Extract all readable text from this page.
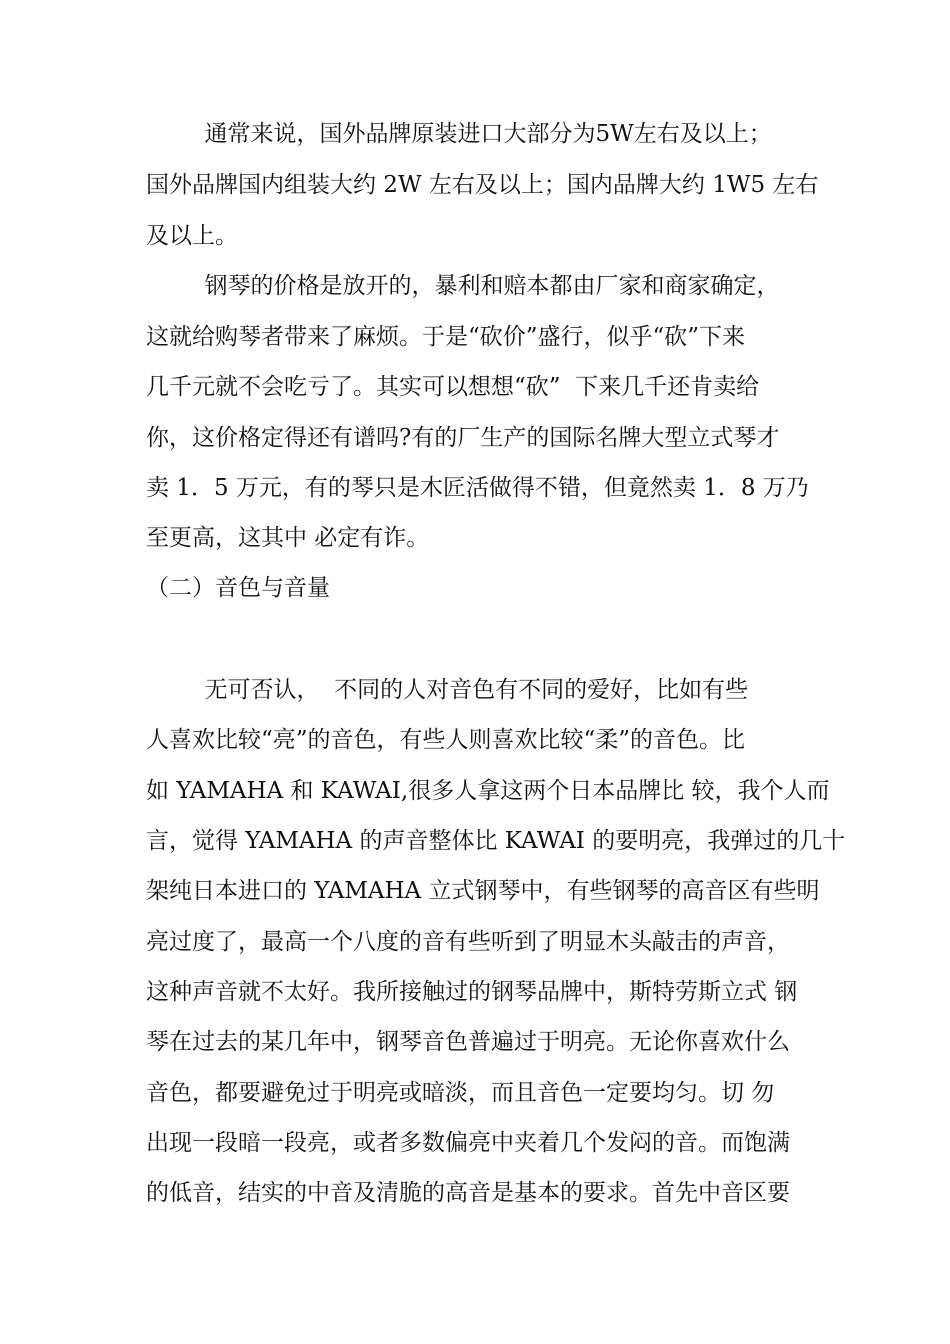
通常来说，国外品牌原装进口大部分为5W左右及以上；

国外品牌国内组装大约 2W 左右及以上；国内品牌大约 1W5 左右

及以上。

钢琴的价格是放开的，暴利和赔本都由厂家和商家确定，

这就给购琴者带来了麻烦。于是“砍价”盛行，似乎“砍”下来

几千元就不会吃亏了。其实可以想想“砍”  下来几千还肯卖给

你，这价格定得还有谱吗?有的厂生产的国际名牌大型立式琴才

卖 1．5 万元，有的琴只是木匠活做得不错，但竟然卖 1．8 万乃

至更高，这其中 必定有诈。

（二）音色与音量

无可否认，  不同的人对音色有不同的爱好，比如有些

人喜欢比较“亮”的音色，有些人则喜欢比较“柔”的音色。比

如 YAMAHA 和 KAWAI,很多人拿这两个日本品牌比 较，我个人而

言，觉得 YAMAHA 的声音整体比 KAWAI 的要明亮，我弹过的几十

架纯日本进口的 YAMAHA 立式钢琴中，有些钢琴的高音区有些明

亮过度了，最高一个八度的音有些听到了明显木头敲击的声音，

这种声音就不太好。我所接触过的钢琴品牌中，斯特劳斯立式 钢

琴在过去的某几年中，钢琴音色普遍过于明亮。无论你喜欢什么

音色，都要避免过于明亮或暗淡，而且音色一定要均匀。切 勿

出现一段暗一段亮，或者多数偏亮中夹着几个发闷的音。而饱满

的低音，结实的中音及清脆的高音是基本的要求。首先中音区要
